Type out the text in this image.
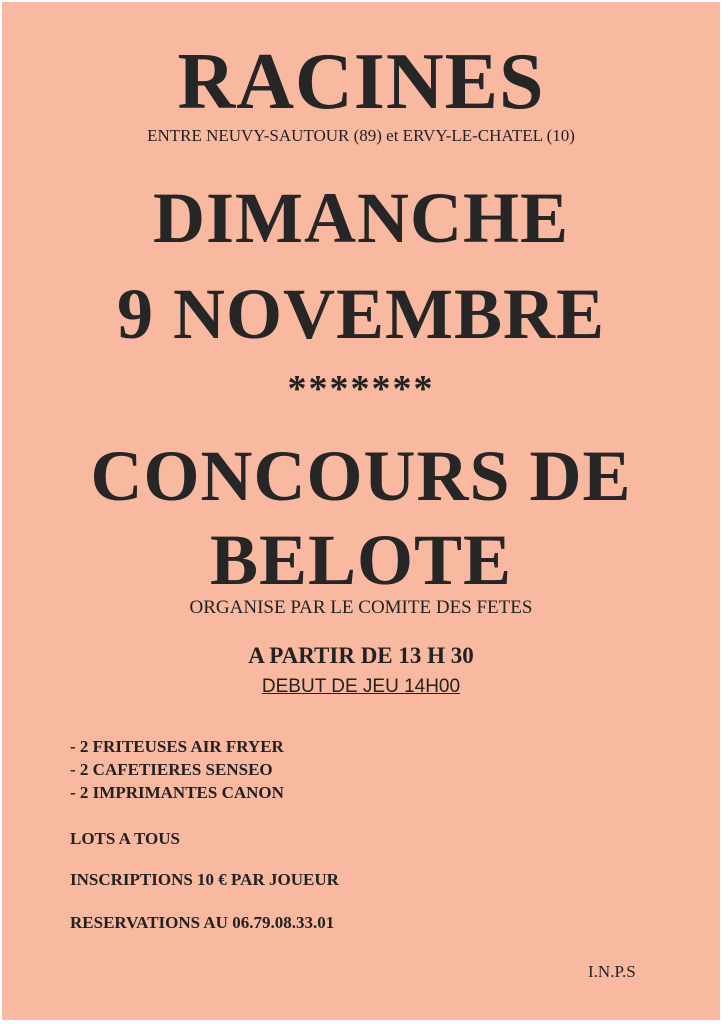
RACINES
ENTRE NEUVY-SAUTOUR (89) et ERVY-LE-CHATEL (10)
DIMANCHE
9 NOVEMBRE
*******
CONCOURS DE
BELOTE
ORGANISE PAR LE COMITE DES FETES
A PARTIR DE 13 H 30
DEBUT DE JEU 14H00
- 2 FRITEUSES AIR FRYER
- 2 CAFETIERES SENSEO
- 2 IMPRIMANTES CANON
LOTS A TOUS
INSCRIPTIONS 10 € PAR JOUEUR
RESERVATIONS AU 06.79.08.33.01
I.N.P.S
